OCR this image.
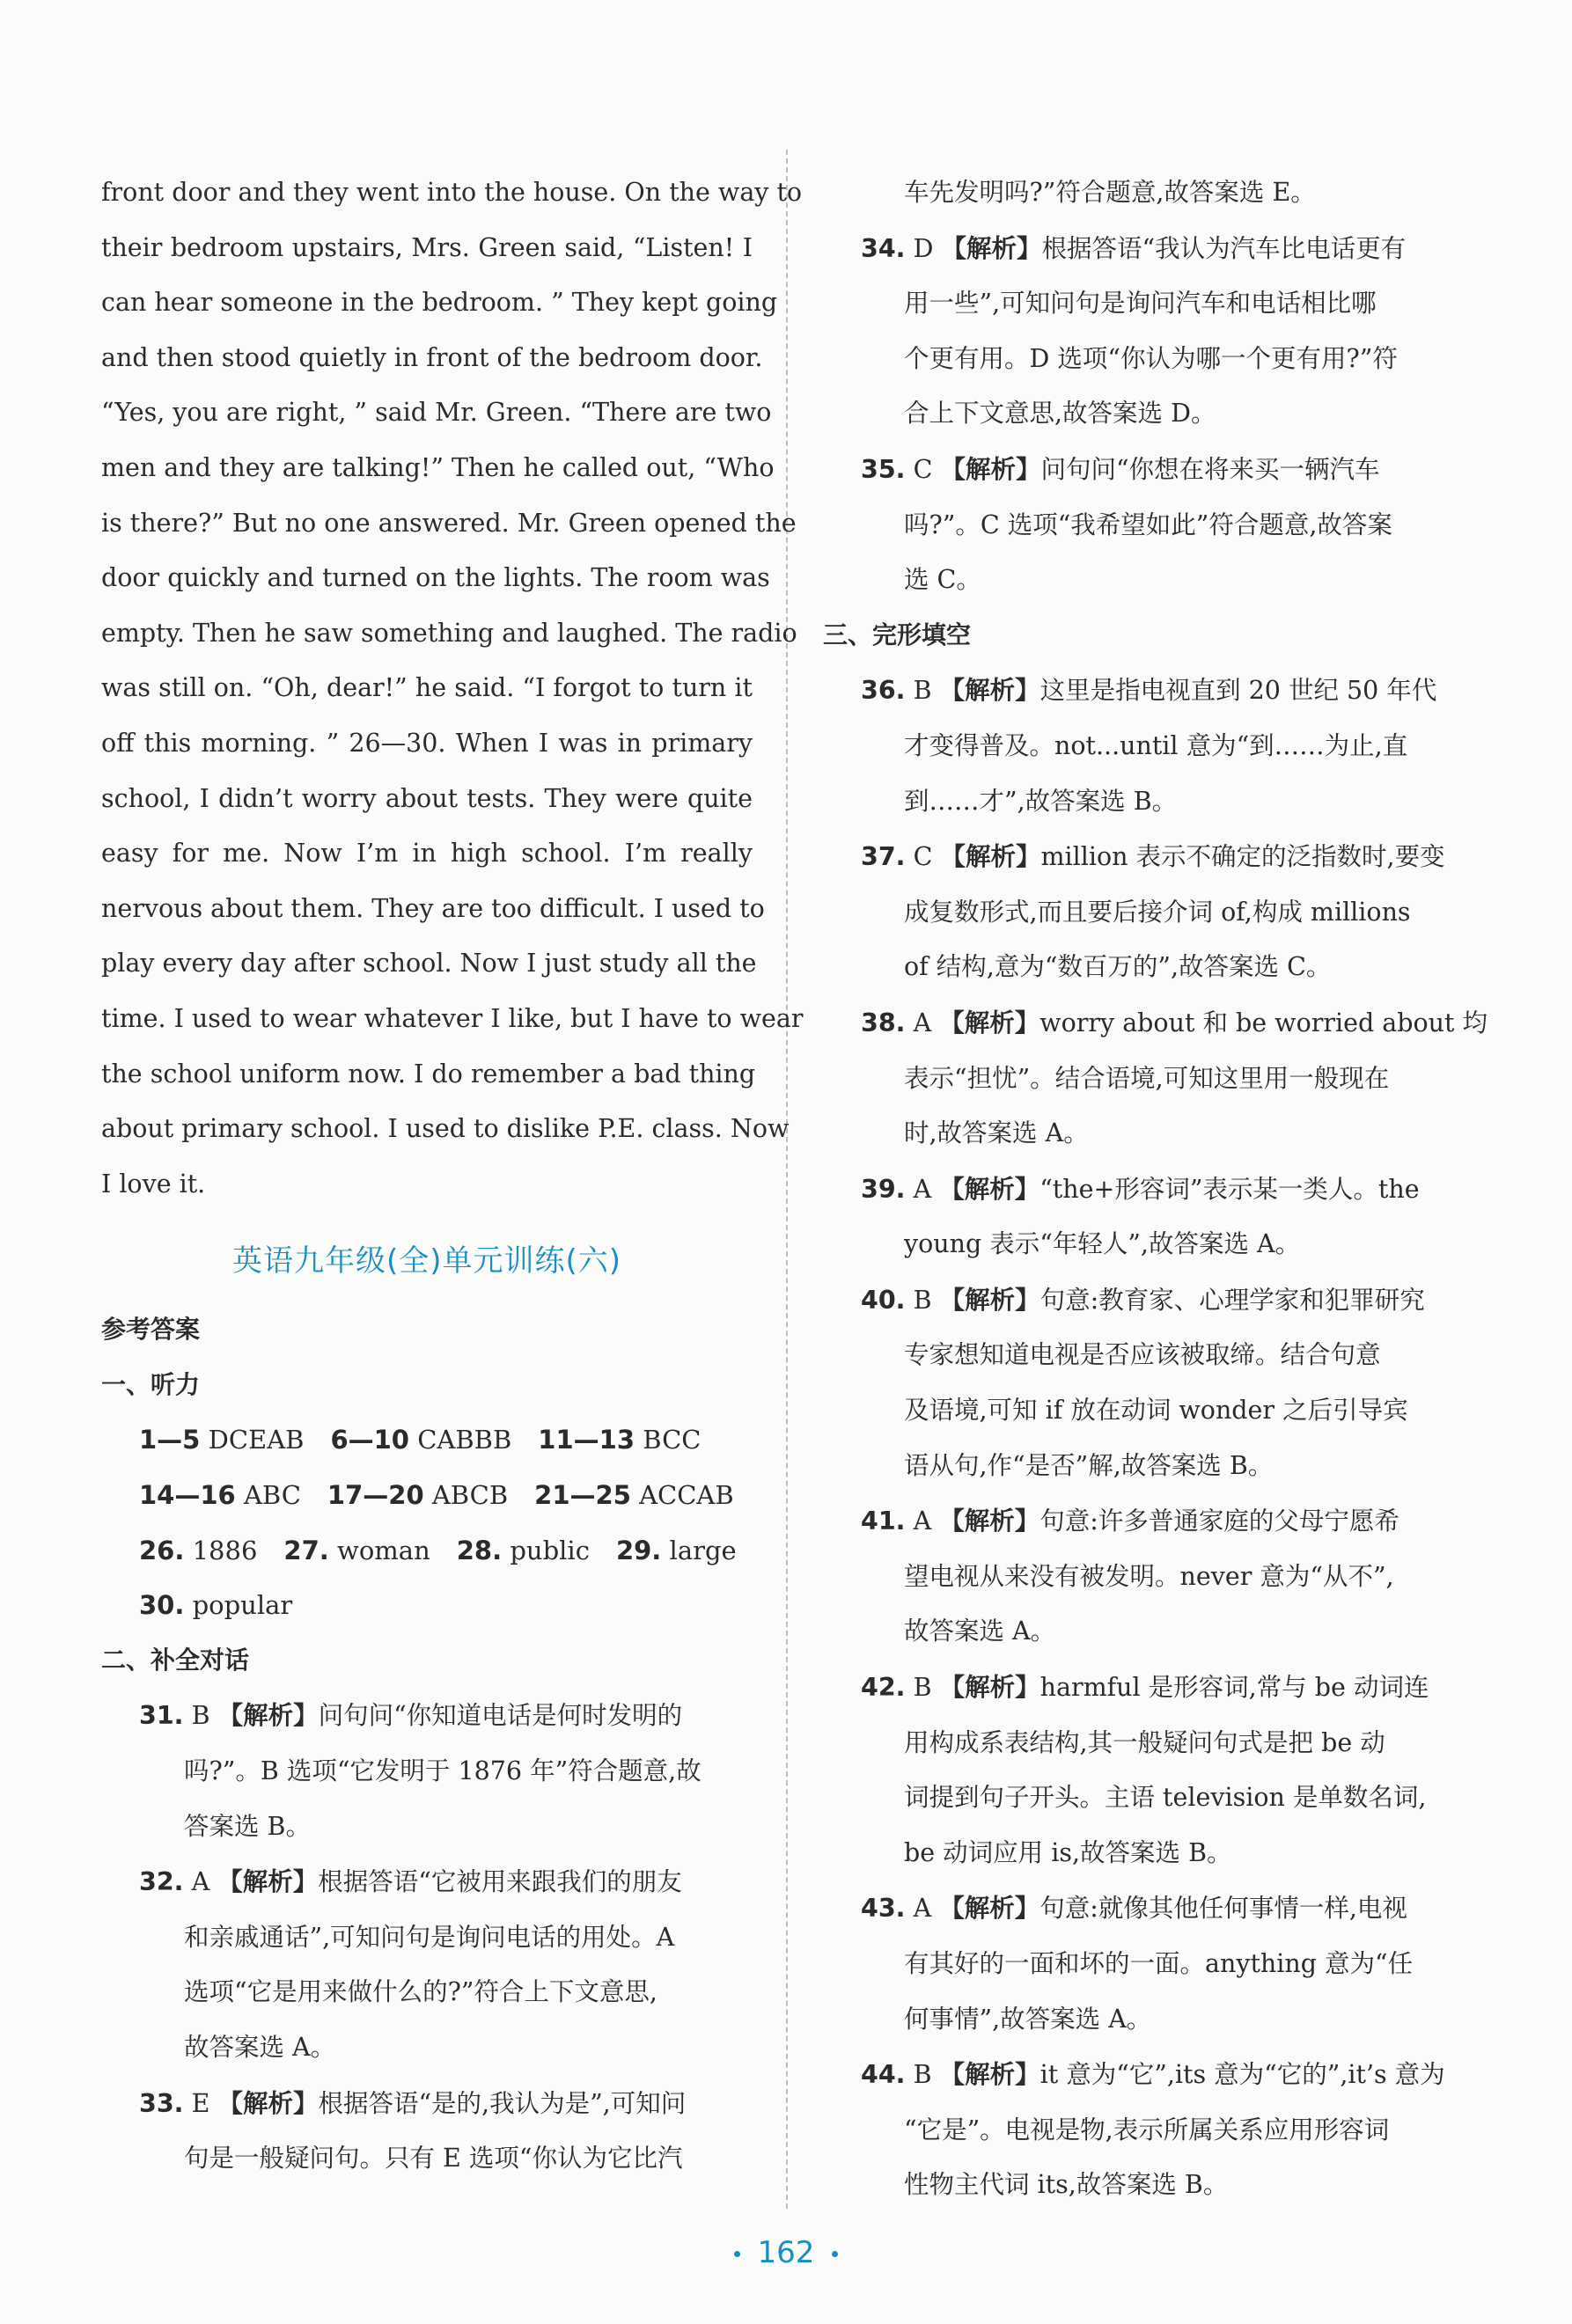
front door and they went into the house. On the way to
their bedroom upstairs, Mrs. Green said, “Listen! I
can hear someone in the bedroom. ” They kept going
and then stood quietly in front of the bedroom door.
“Yes, you are right, ” said Mr. Green. “There are two
men and they are talking!” Then he called out, “Who
is there?” But no one answered. Mr. Green opened the
door quickly and turned on the lights. The room was
empty. Then he saw something and laughed. The radio
was still on. “Oh, dear!” he said. “I forgot to turn it
off this morning. ” 26—30. When I was in primary
school, I didn’t worry about tests. They were quite
easy for me. Now I’m in high school. I’m really
nervous about them. They are too difficult. I used to
play every day after school. Now I just study all the
time. I used to wear whatever I like, but I have to wear
the school uniform now. I do remember a bad thing
about primary school. I used to dislike P.E. class. Now
I love it.
英语九年级(全)单元训练(六)
参考答案
一、听力
1—5 DCEAB 6—10 CABBB 11—13 BCC
14—16 ABC 17—20 ABCB 21—25 ACCAB
26. 1886 27. woman 28. public 29. large
30. popular
二、补全对话
31. B 【解析】问句问“你知道电话是何时发明的
吗?”。B 选项“它发明于 1876 年”符合题意,故
答案选 B。
32. A 【解析】根据答语“它被用来跟我们的朋友
和亲戚通话”,可知问句是询问电话的用处。A
选项“它是用来做什么的?”符合上下文意思,
故答案选 A。
33. E 【解析】根据答语“是的,我认为是”,可知问
句是一般疑问句。只有 E 选项“你认为它比汽
车先发明吗?”符合题意,故答案选 E。
34. D 【解析】根据答语“我认为汽车比电话更有
用一些”,可知问句是询问汽车和电话相比哪
个更有用。D 选项“你认为哪一个更有用?”符
合上下文意思,故答案选 D。
35. C 【解析】问句问“你想在将来买一辆汽车
吗?”。C 选项“我希望如此”符合题意,故答案
选 C。
三、完形填空
36. B 【解析】这里是指电视直到 20 世纪 50 年代
才变得普及。not...until 意为“到……为止,直
到……才”,故答案选 B。
37. C 【解析】million 表示不确定的泛指数时,要变
成复数形式,而且要后接介词 of,构成 millions
of 结构,意为“数百万的”,故答案选 C。
38. A 【解析】worry about 和 be worried about 均
表示“担忧”。结合语境,可知这里用一般现在
时,故答案选 A。
39. A 【解析】“the+形容词”表示某一类人。the
young 表示“年轻人”,故答案选 A。
40. B 【解析】句意:教育家、心理学家和犯罪研究
专家想知道电视是否应该被取缔。结合句意
及语境,可知 if 放在动词 wonder 之后引导宾
语从句,作“是否”解,故答案选 B。
41. A 【解析】句意:许多普通家庭的父母宁愿希
望电视从来没有被发明。never 意为“从不”,
故答案选 A。
42. B 【解析】harmful 是形容词,常与 be 动词连
用构成系表结构,其一般疑问句式是把 be 动
词提到句子开头。主语 television 是单数名词,
be 动词应用 is,故答案选 B。
43. A 【解析】句意:就像其他任何事情一样,电视
有其好的一面和坏的一面。anything 意为“任
何事情”,故答案选 A。
44. B 【解析】it 意为“它”,its 意为“它的”,it’s 意为
“它是”。电视是物,表示所属关系应用形容词
性物主代词 its,故答案选 B。
162
